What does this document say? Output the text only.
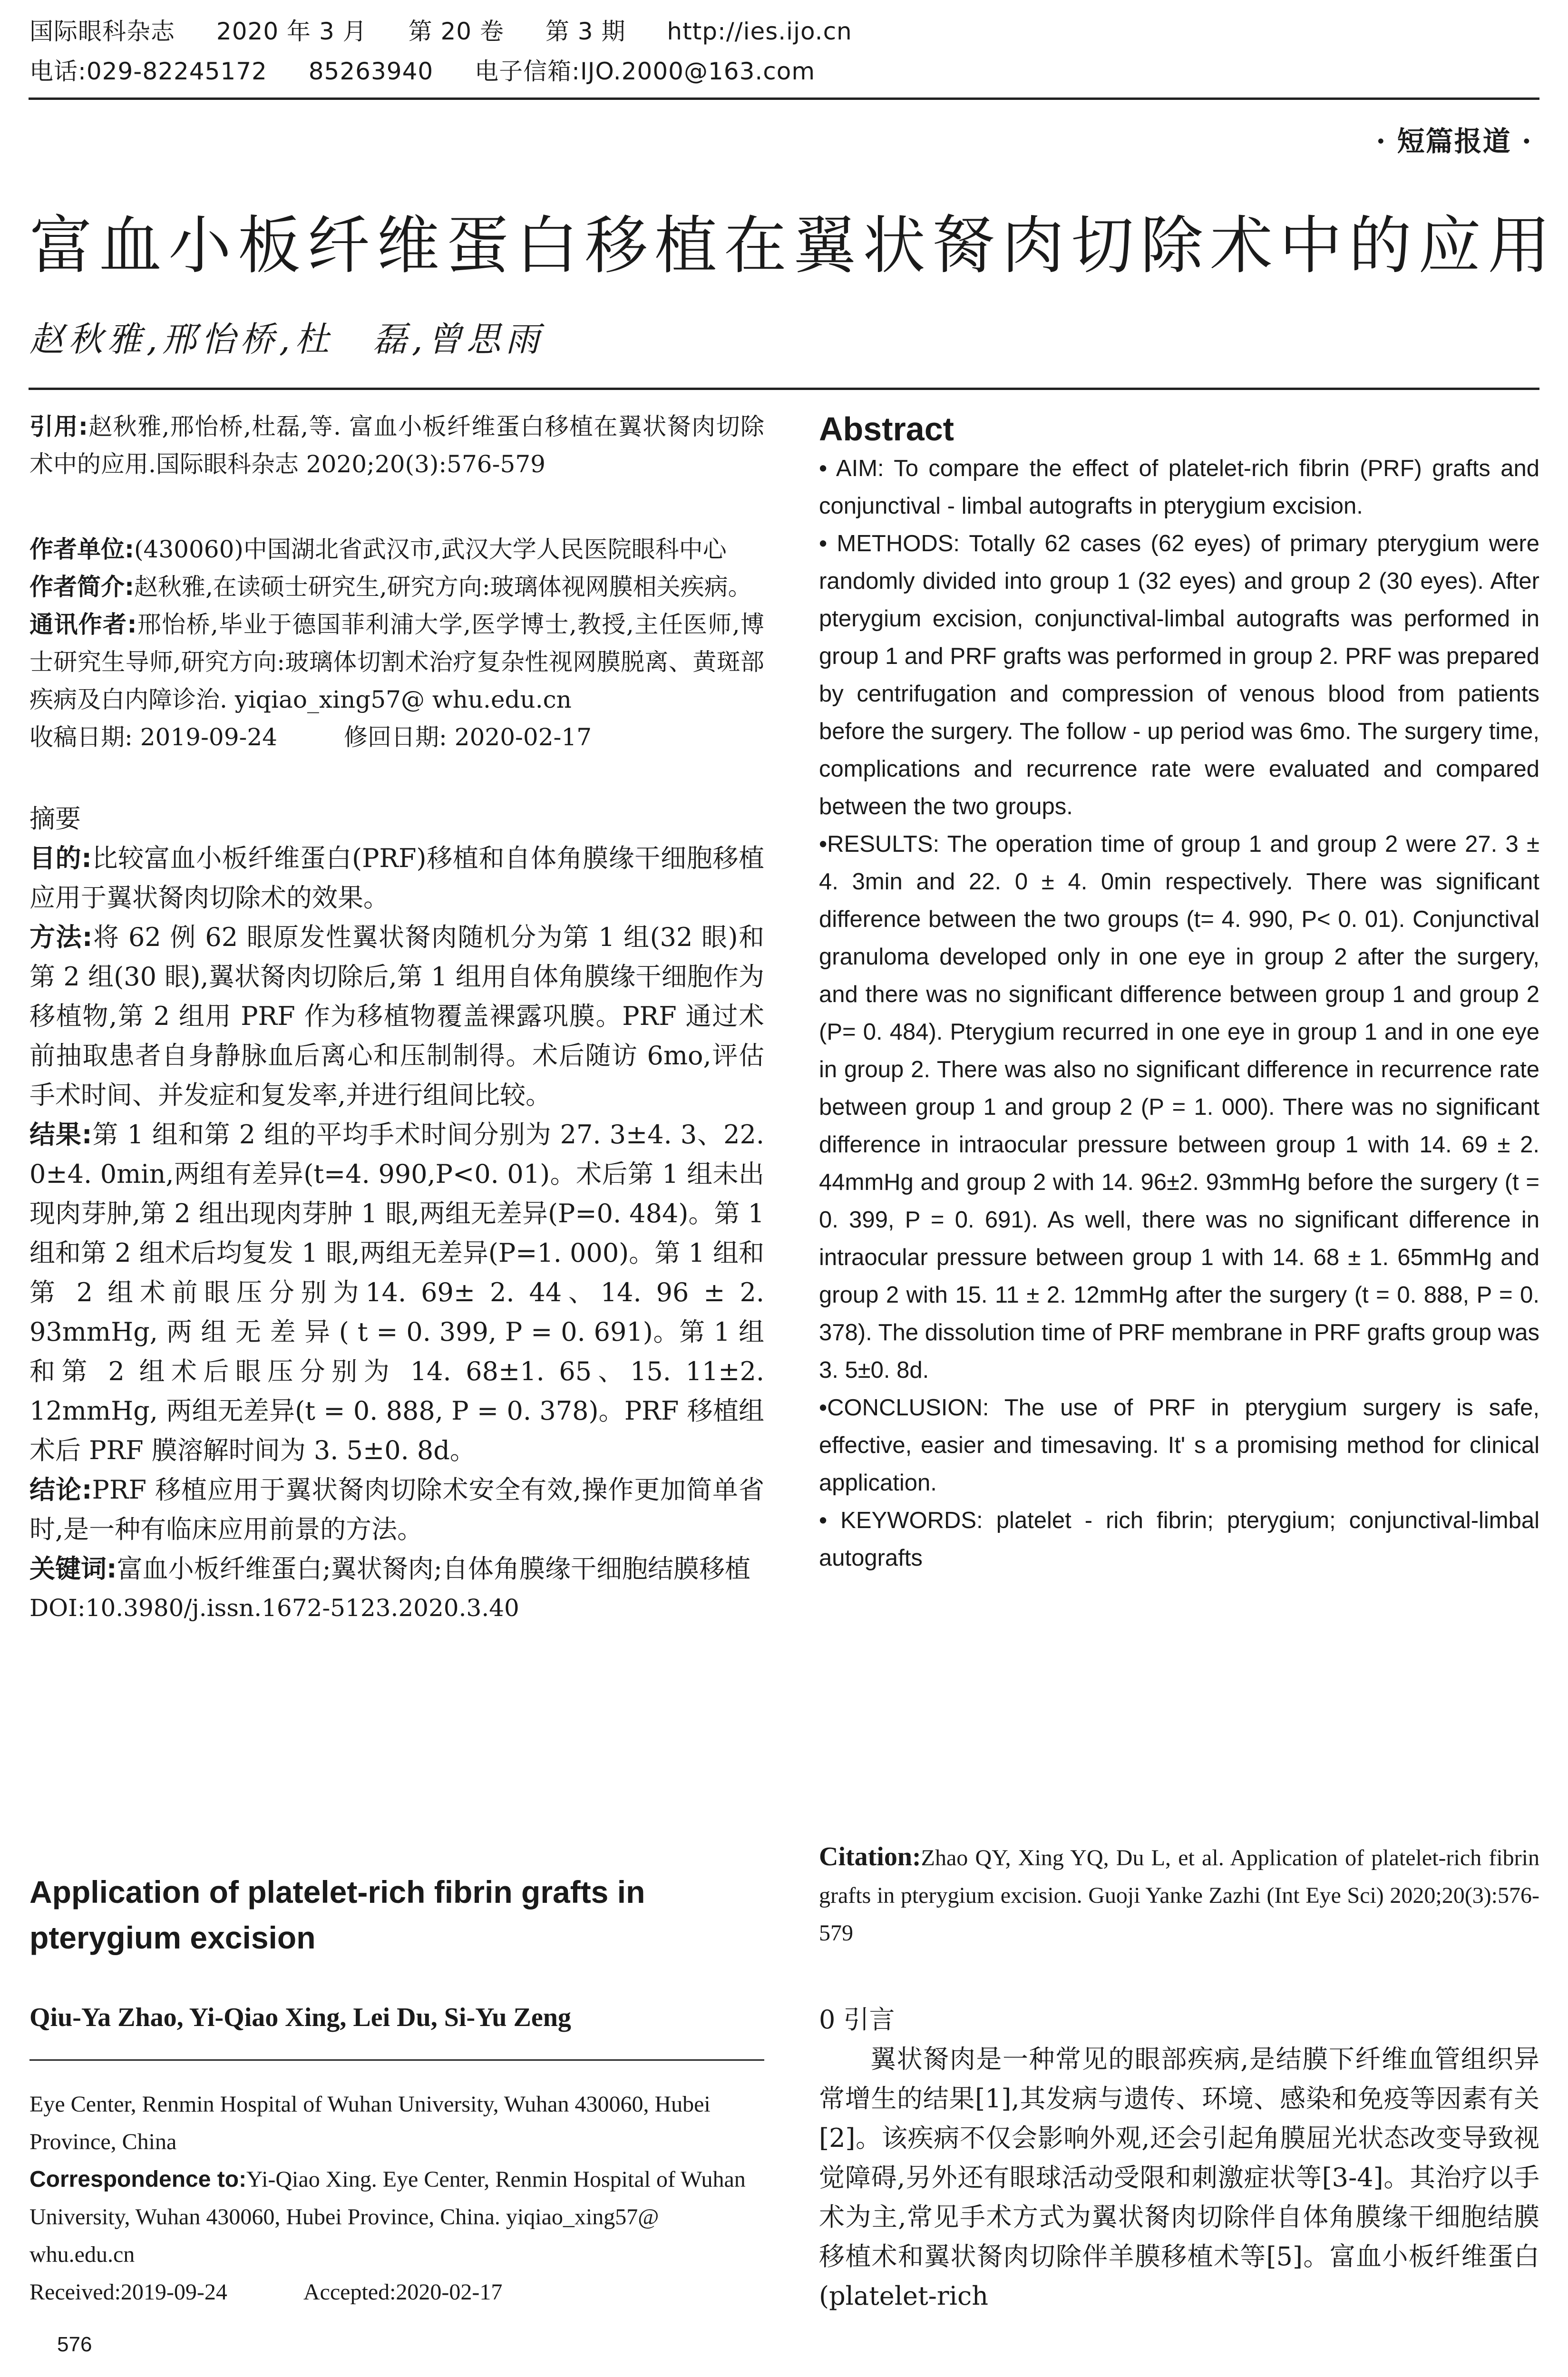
国际眼科杂志 2020 年 3 月 第 20 卷 第 3 期 http://ies.ijo.cn
电话:029-82245172 85263940 电子信箱:IJO.2000@163.com
· 短篇报道 ·
富血小板纤维蛋白移植在翼状胬肉切除术中的应用
赵秋雅,邢怡桥,杜　磊,曾思雨

引用:赵秋雅,邢怡桥,杜磊,等. 富血小板纤维蛋白移植在翼状胬肉切除术中的应用.国际眼科杂志 2020;20(3):576-579

作者单位:(430060)中国湖北省武汉市,武汉大学人民医院眼科中心

作者简介:赵秋雅,在读硕士研究生,研究方向:玻璃体视网膜相关疾病。

通讯作者:邢怡桥,毕业于德国菲利浦大学,医学博士,教授,主任医师,博士研究生导师,研究方向:玻璃体切割术治疗复杂性视网膜脱离、黄斑部疾病及白内障诊治. yiqiao_xing57@ whu.edu.cn

收稿日期: 2019-09-24	修回日期: 2020-02-17

摘要

目的:比较富血小板纤维蛋白(PRF)移植和自体角膜缘干细胞移植应用于翼状胬肉切除术的效果。

方法:将 62 例 62 眼原发性翼状胬肉随机分为第 1 组(32 眼)和第 2 组(30 眼),翼状胬肉切除后,第 1 组用自体角膜缘干细胞作为移植物,第 2 组用 PRF 作为移植物覆盖裸露巩膜。PRF 通过术前抽取患者自身静脉血后离心和压制制得。术后随访 6mo,评估手术时间、并发症和复发率,并进行组间比较。

结果:第 1 组和第 2 组的平均手术时间分别为 27. 3±4. 3、22. 0±4. 0min,两组有差异(t=4. 990,P<0. 01)。术后第 1 组未出现肉芽肿,第 2 组出现肉芽肿 1 眼,两组无差异(P=0. 484)。第 1 组和第 2 组术后均复发 1 眼,两组无差异(P=1. 000)。第 1 组和第 2 组术前眼压分别为14. 69± 2. 44、14. 96 ± 2. 93mmHg, 两 组 无 差 异 ( t = 0. 399, P = 0. 691)。第 1 组和第 2 组术后眼压分别为 14. 68±1. 65、15. 11±2. 12mmHg, 两组无差异(t = 0. 888, P = 0. 378)。PRF 移植组术后 PRF 膜溶解时间为 3. 5±0. 8d。

结论:PRF 移植应用于翼状胬肉切除术安全有效,操作更加简单省时,是一种有临床应用前景的方法。

关键词:富血小板纤维蛋白;翼状胬肉;自体角膜缘干细胞结膜移植

DOI:10.3980/j.issn.1672-5123.2020.3.40

Application of platelet-rich fibrin grafts in pterygium excision
Qiu-Ya Zhao, Yi-Qiao Xing, Lei Du, Si-Yu Zeng

Eye Center, Renmin Hospital of Wuhan University, Wuhan 430060, Hubei Province, China

Correspondence to:Yi-Qiao Xing. Eye Center, Renmin Hospital of Wuhan University, Wuhan 430060, Hubei Province, China. yiqiao_xing57@ whu.edu.cn

Received:2019-09-24	Accepted:2020-02-17

576
Abstract

• AIM: To compare the effect of platelet-rich fibrin (PRF) grafts and conjunctival - limbal autografts in pterygium excision.

• METHODS: Totally 62 cases (62 eyes) of primary pterygium were randomly divided into group 1 (32 eyes) and group 2 (30 eyes). After pterygium excision, conjunctival-limbal autografts was performed in group 1 and PRF grafts was performed in group 2. PRF was prepared by centrifugation and compression of venous blood from patients before the surgery. The follow - up period was 6mo. The surgery time, complications and recurrence rate were evaluated and compared between the two groups.

•RESULTS: The operation time of group 1 and group 2 were 27. 3 ± 4. 3min and 22. 0 ± 4. 0min respectively. There was significant difference between the two groups (t= 4. 990, P< 0. 01). Conjunctival granuloma developed only in one eye in group 2 after the surgery, and there was no significant difference between group 1 and group 2 (P= 0. 484). Pterygium recurred in one eye in group 1 and in one eye in group 2. There was also no significant difference in recurrence rate between group 1 and group 2 (P = 1. 000). There was no significant difference in intraocular pressure between group 1 with 14. 69 ± 2. 44mmHg and group 2 with 14. 96±2. 93mmHg before the surgery (t = 0. 399, P = 0. 691). As well, there was no significant difference in intraocular pressure between group 1 with 14. 68 ± 1. 65mmHg and group 2 with 15. 11 ± 2. 12mmHg after the surgery (t = 0. 888, P = 0. 378). The dissolution time of PRF membrane in PRF grafts group was 3. 5±0. 8d.

•CONCLUSION: The use of PRF in pterygium surgery is safe, effective, easier and timesaving. It' s a promising method for clinical application.

• KEYWORDS: platelet - rich fibrin; pterygium; conjunctival-limbal autografts

Citation:Zhao QY, Xing YQ, Du L, et al. Application of platelet-rich fibrin grafts in pterygium excision. Guoji Yanke Zazhi (Int Eye Sci) 2020;20(3):576-579

0 引言

翼状胬肉是一种常见的眼部疾病,是结膜下纤维血管组织异常增生的结果[1],其发病与遗传、环境、感染和免疫等因素有关[2]。该疾病不仅会影响外观,还会引起角膜屈光状态改变导致视觉障碍,另外还有眼球活动受限和刺激症状等[3-4]。其治疗以手术为主,常见手术方式为翼状胬肉切除伴自体角膜缘干细胞结膜移植术和翼状胬肉切除伴羊膜移植术等[5]。富血小板纤维蛋白(platelet-rich
